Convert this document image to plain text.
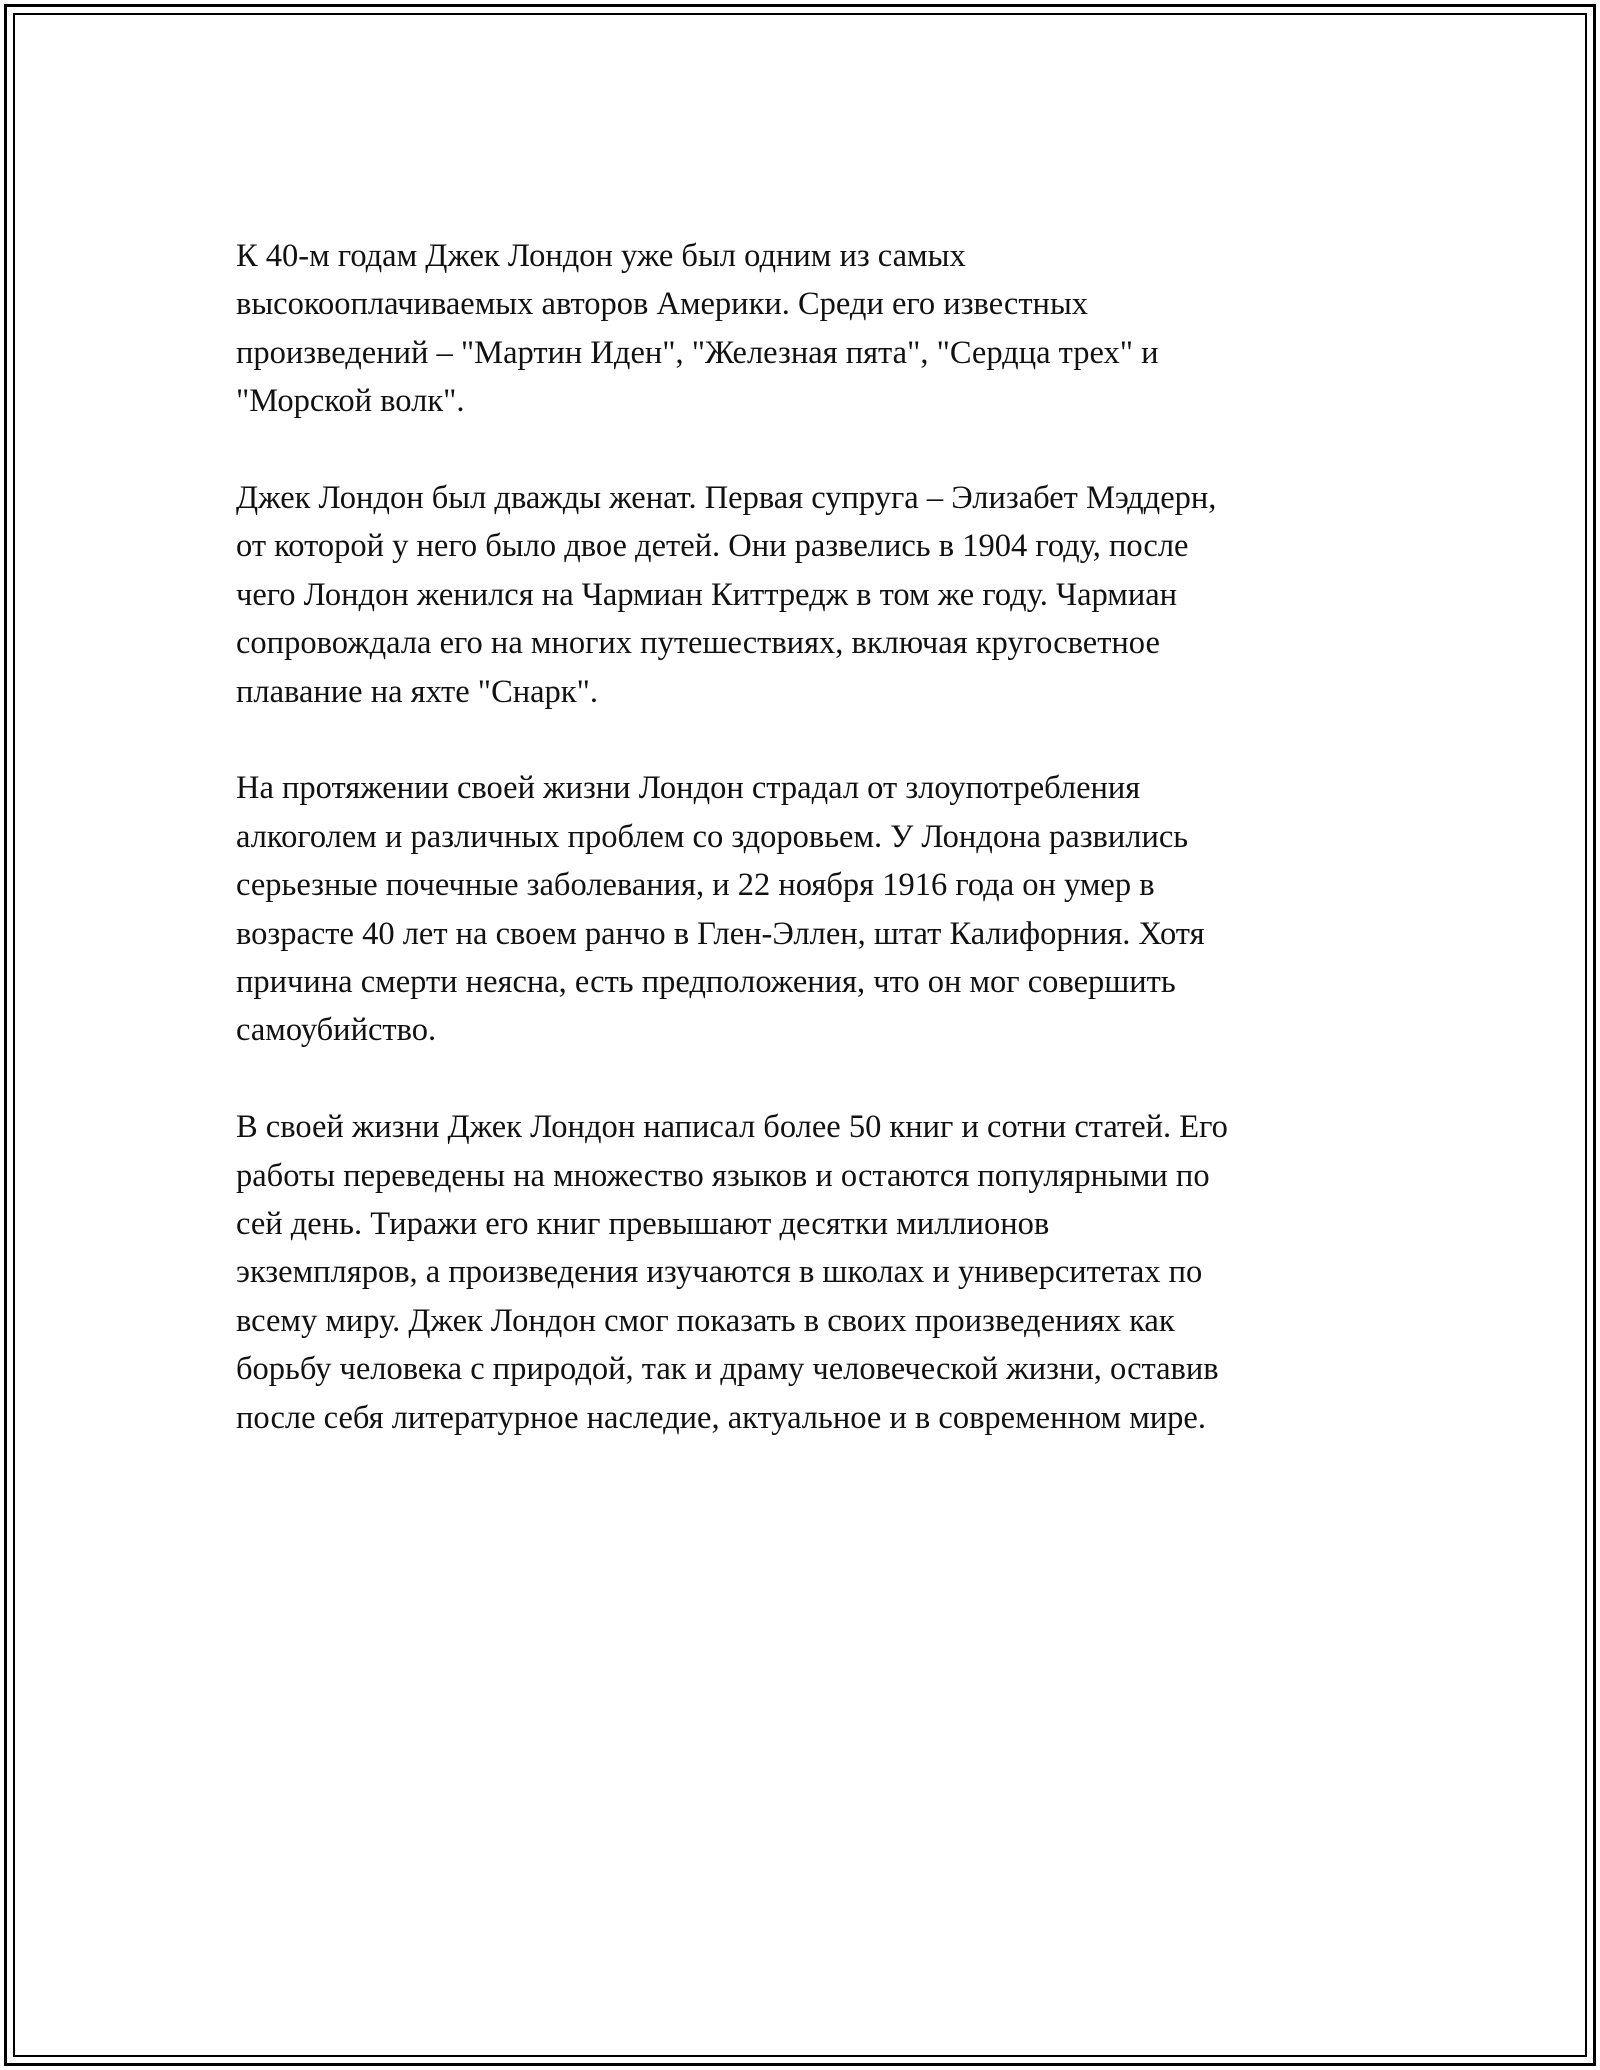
К 40-м годам Джек Лондон уже был одним из самых
высокооплачиваемых авторов Америки. Среди его известных
произведений – "Мартин Иден", "Железная пята", "Сердца трех" и
"Морской волк".

Джек Лондон был дважды женат. Первая супруга – Элизабет Мэддерн,
от которой у него было двое детей. Они развелись в 1904 году, после
чего Лондон женился на Чармиан Киттредж в том же году. Чармиан
сопровождала его на многих путешествиях, включая кругосветное
плавание на яхте "Снарк".

На протяжении своей жизни Лондон страдал от злоупотребления
алкоголем и различных проблем со здоровьем. У Лондона развились
серьезные почечные заболевания, и 22 ноября 1916 года он умер в
возрасте 40 лет на своем ранчо в Глен-Эллен, штат Калифорния. Хотя
причина смерти неясна, есть предположения, что он мог совершить
самоубийство.

В своей жизни Джек Лондон написал более 50 книг и сотни статей. Его
работы переведены на множество языков и остаются популярными по
сей день. Тиражи его книг превышают десятки миллионов
экземпляров, а произведения изучаются в школах и университетах по
всему миру. Джек Лондон смог показать в своих произведениях как
борьбу человека с природой, так и драму человеческой жизни, оставив
после себя литературное наследие, актуальное и в современном мире.
